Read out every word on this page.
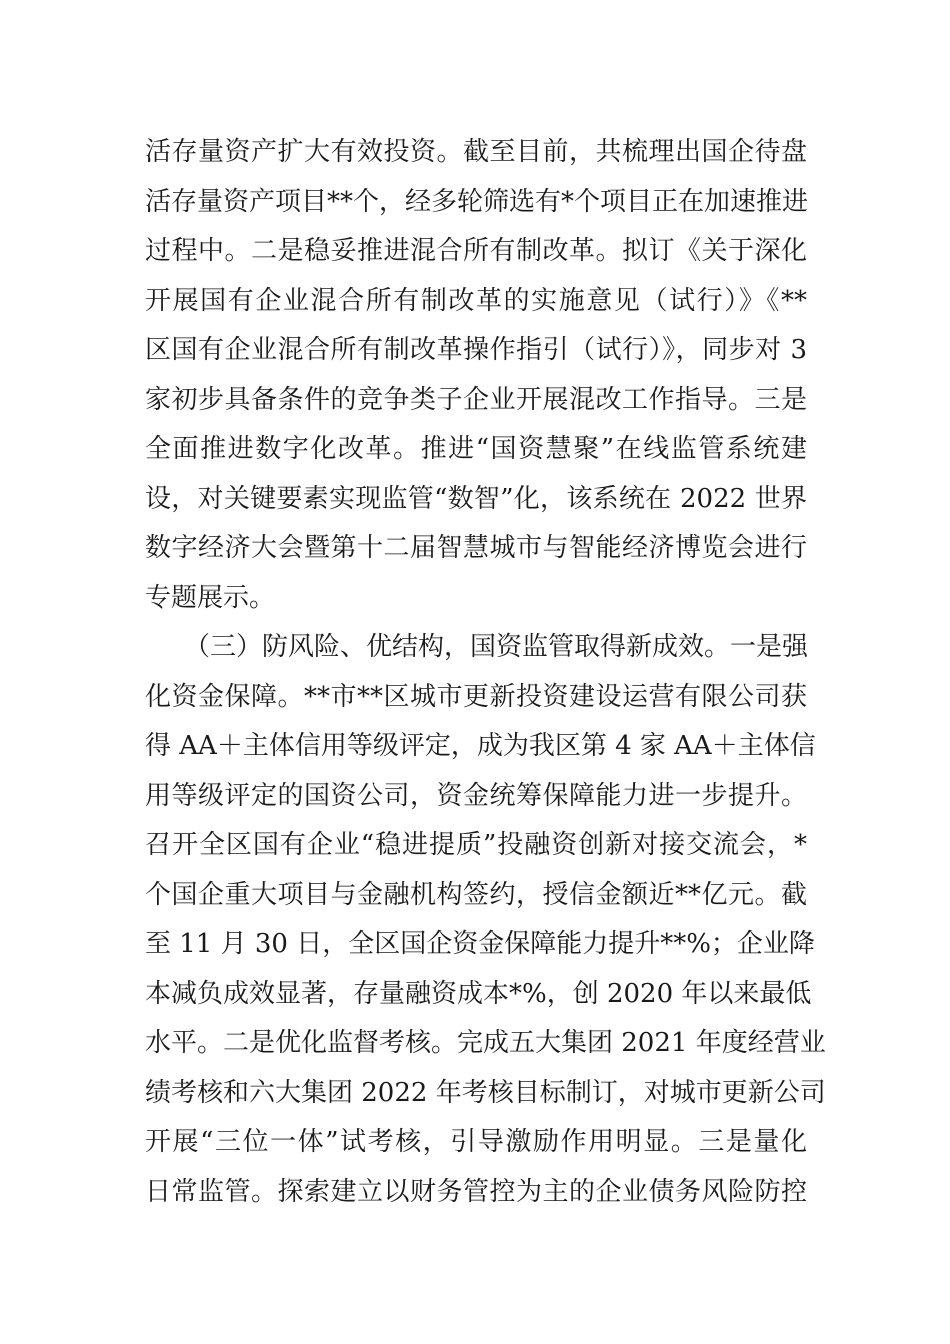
活存量资产扩大有效投资。截至目前，共梳理出国企待盘
活存量资产项目**个，经多轮筛选有*个项目正在加速推进
过程中。二是稳妥推进混合所有制改革。拟订《关于深化
开展国有企业混合所有制改革的实施意见（试行）》《**
区国有企业混合所有制改革操作指引（试行）》，同步对 3
家初步具备条件的竞争类子企业开展混改工作指导。三是
全面推进数字化改革。推进“国资慧聚”在线监管系统建
设，对关键要素实现监管“数智”化，该系统在 2022 世界
数字经济大会暨第十二届智慧城市与智能经济博览会进行
专题展示。
　　（三）防风险、优结构，国资监管取得新成效。一是强
化资金保障。**市**区城市更新投资建设运营有限公司获
得 AA＋主体信用等级评定，成为我区第 4 家 AA＋主体信
用等级评定的国资公司，资金统筹保障能力进一步提升。
召开全区国有企业“稳进提质”投融资创新对接交流会，*
个国企重大项目与金融机构签约，授信金额近**亿元。截
至 11 月 30 日，全区国企资金保障能力提升**%；企业降
本减负成效显著，存量融资成本*%，创 2020 年以来最低
水平。二是优化监督考核。完成五大集团 2021 年度经营业
绩考核和六大集团 2022 年考核目标制订，对城市更新公司
开展“三位一体”试考核，引导激励作用明显。三是量化
日常监管。探索建立以财务管控为主的企业债务风险防控
